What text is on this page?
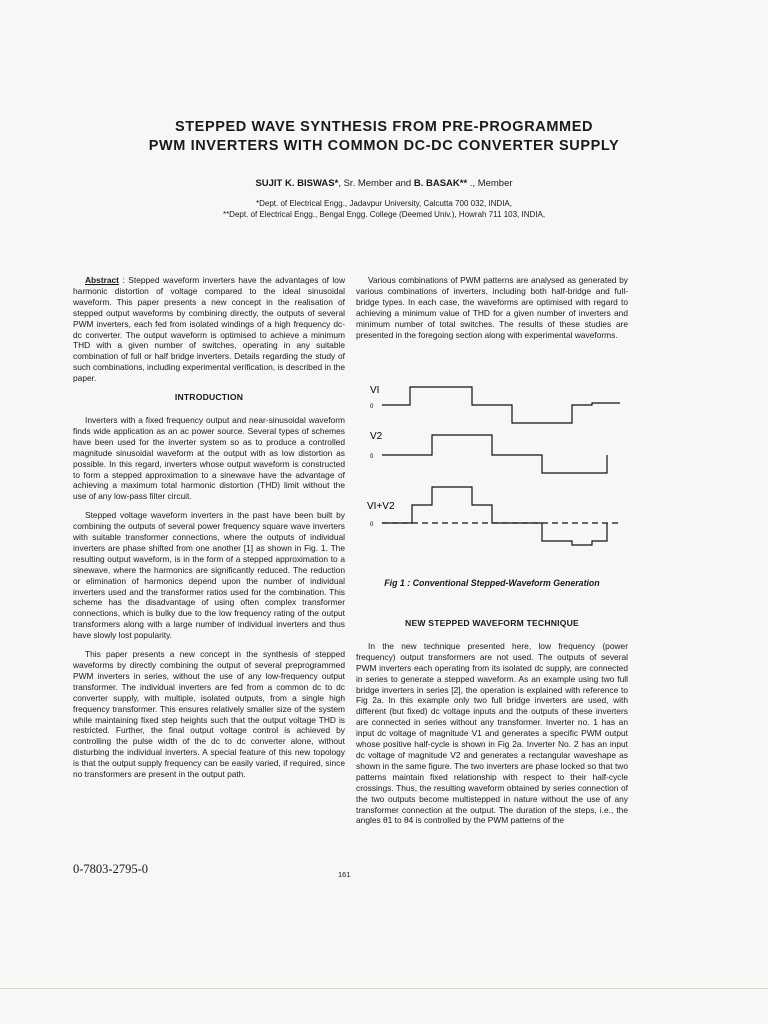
STEPPED WAVE SYNTHESIS FROM PRE-PROGRAMMED
PWM INVERTERS WITH COMMON DC-DC CONVERTER SUPPLY
SUJIT K. BISWAS*, Sr. Member and B. BASAK** ., Member
*Dept. of Electrical Engg., Jadavpur University, Calcutta 700 032, INDIA,
**Dept. of Electrical Engg., Bengal Engg. College (Deemed Univ.), Howrah 711 103, INDIA,

Abstract : Stepped waveform inverters have the advantages of low harmonic distortion of voltage compared to the ideal sinusoidal waveform. This paper presents a new concept in the realisation of stepped output waveforms by combining directly, the outputs of several PWM inverters, each fed from isolated windings of a high frequency dc-dc converter. The output waveform is optimised to achieve a minimum THD with a given number of switches, operating in any suitable combination of full or half bridge inverters. Details regarding the study of such combinations, including experimental verification, is described in the paper.

INTRODUCTION

Inverters with a fixed frequency output and near-sinusoidal waveform finds wide application as an ac power source. Several types of schemes have been used for the inverter system so as to produce a controlled magnitude sinusoidal waveform at the output with as low distortion as possible. In this regard, inverters whose output waveform is constructed to form a stepped approximation to a sinewave have the advantage of achieving a maximum total harmonic distortion (THD) limit without the use of any low-pass filter circuit.

Stepped voltage waveform inverters in the past have been built by combining the outputs of several power frequency square wave inverters with suitable transformer connections, where the outputs of individual inverters are phase shifted from one another [1] as shown in Fig. 1. The resulting output waveform, is in the form of a stepped approximation to a sinewave, where the harmonics are significantly reduced. The reduction or elimination of harmonics depend upon the number of individual inverters used and the transformer ratios used for the combination. This scheme has the disadvantage of using often complex transformer connections, which is bulky due to the low frequency rating of the output transformers along with a large number of individual inverters and thus have slowly lost popularity.

This paper presents a new concept in the synthesis of stepped waveforms by directly combining the output of several preprogrammed PWM inverters in series, without the use of any low-frequency output transformer. The individual inverters are fed from a common dc to dc converter supply, with multiple, isolated outputs, from a single high frequency transformer. This ensures relatively smaller size of the system while maintaining fixed step heights such that the output voltage THD is restricted. Further, the final output voltage control is achieved by controlling the pulse width of the dc to dc converter alone, without disturbing the individual inverters. A special feature of this new topology is that the output supply frequency can be easily varied, if required, since no transformers are present in the output path.

Various combinations of PWM patterns are analysed as generated by various combinations of inverters, including both half-bridge and full-bridge types. In each case, the waveforms are optimised with regard to achieving a minimum value of THD for a given number of inverters and minimum number of total switches. The results of these studies are presented in the foregoing section along with experimental waveforms.

VI
0
V2
0
VI+V2
0
Fig 1 : Conventional Stepped-Waveform Generation
NEW STEPPED WAVEFORM TECHNIQUE

In the new technique presented here, low frequency (power frequency) output transformers are not used. The outputs of several PWM inverters each operating from its isolated dc supply, are connected in series to generate a stepped waveform. As an example using two full bridge inverters in series [2], the operation is explained with reference to Fig 2a. In this example only two full bridge inverters are used, with different (but fixed) dc voltage inputs and the outputs of these inverters are connected in series without any transformer. Inverter no. 1 has an input dc voltage of magnitude V1 and generates a specific PWM output whose positive half-cycle is shown in Fig 2a. Inverter No. 2 has an input dc voltage of magnitude V2 and generates a rectangular waveshape as shown in the same figure. The two inverters are phase locked so that two patterns maintain fixed relationship with respect to their half-cycle crossings. Thus, the resulting waveform obtained by series connection of the two outputs become multistepped in nature without the use of any transformer connection at the output. The duration of the steps, i.e., the angles θ1 to θ4 is controlled by the PWM patterns of the

0-7803-2795-0	161
